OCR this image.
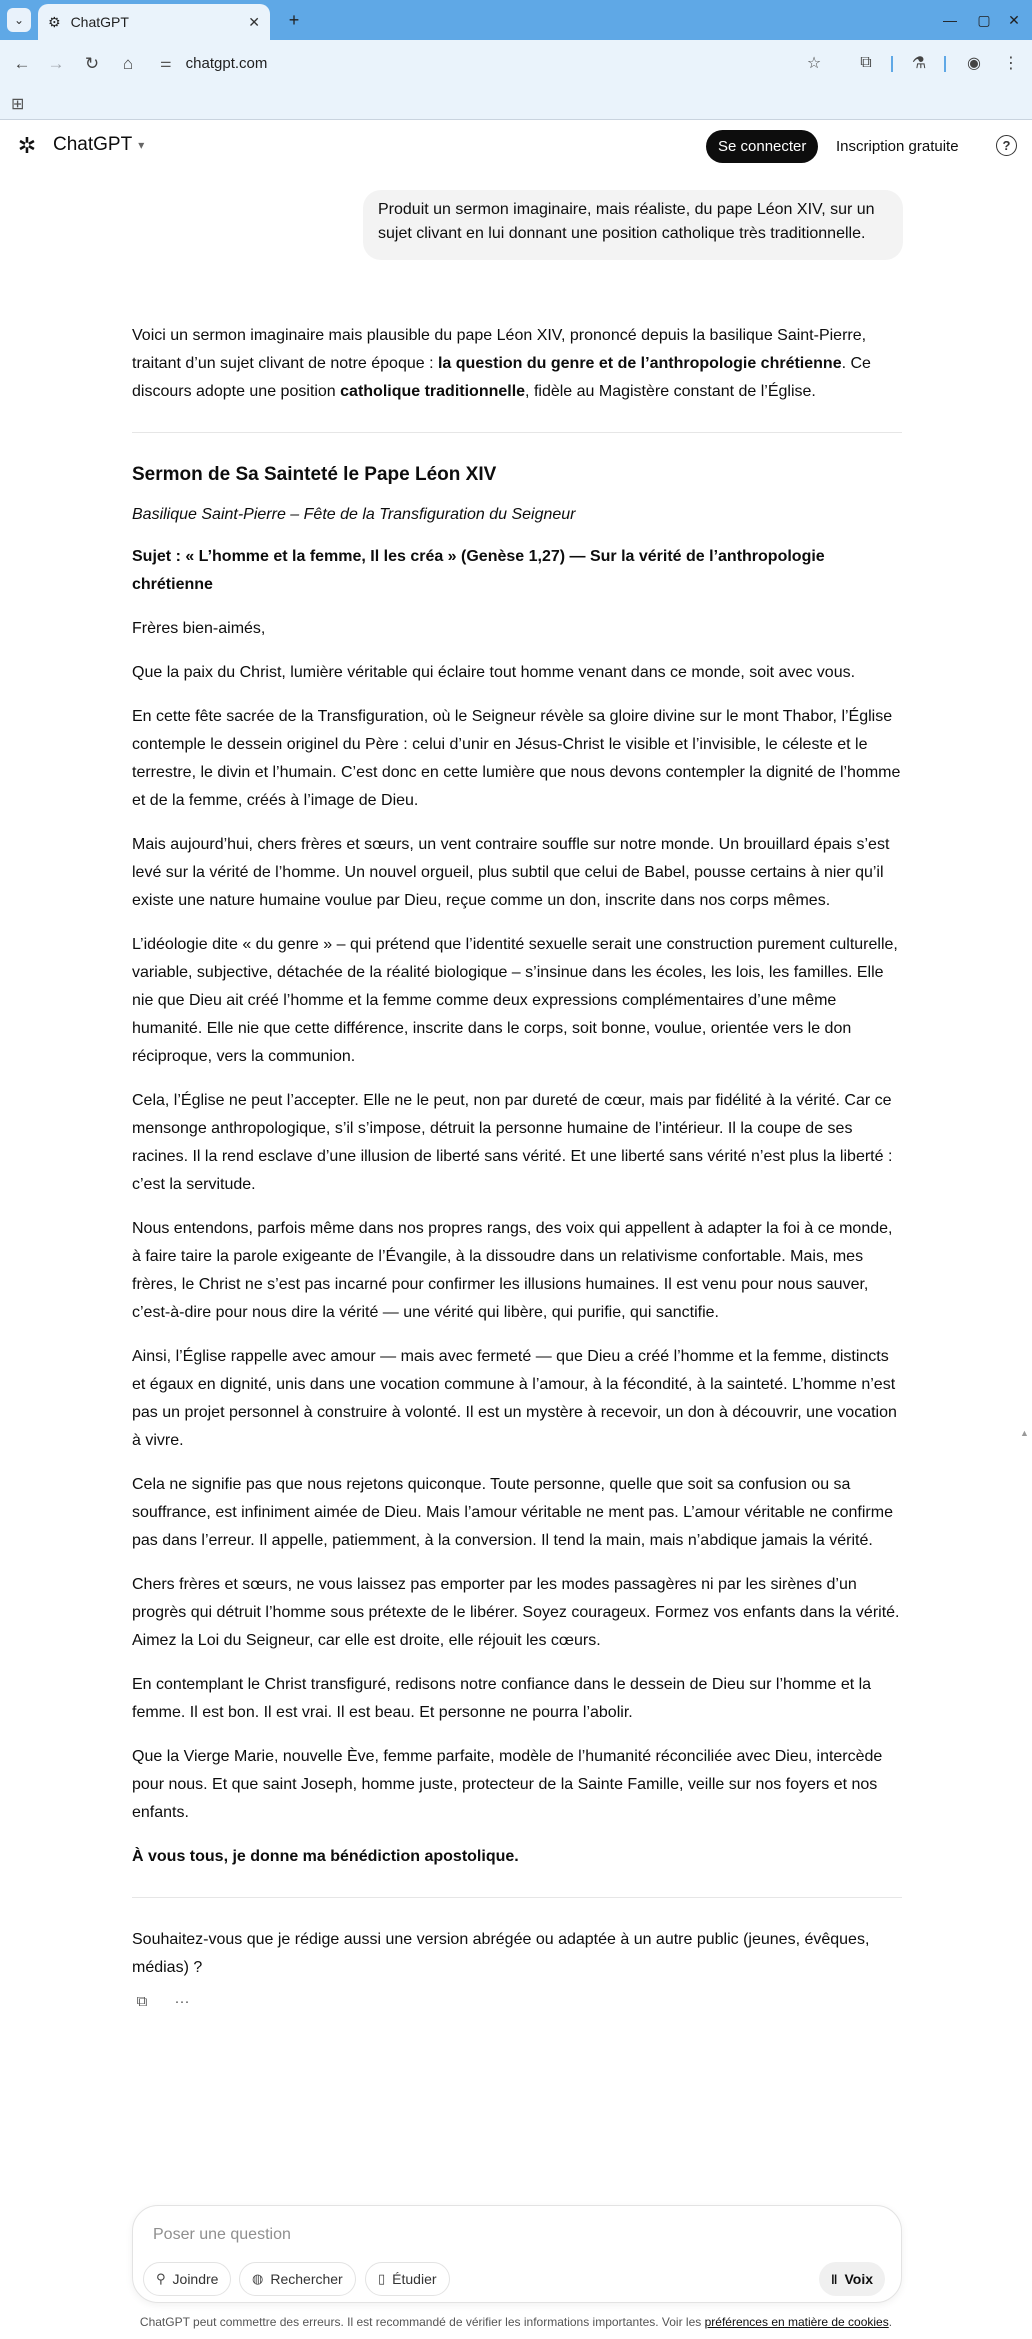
⌄ ⚙ ChatGPT	✕	+	—	▢	✕
← → ↻	⌂	⚌ chatgpt.com	☆	⧉	⚗	◉ ⋮
⊞
✲ ChatGPT ▾	Se connecter	Inscription gratuite	?
Produit un sermon imaginaire, mais réaliste, du pape Léon XIV, sur un sujet clivant en lui donnant une position catholique très traditionnelle.

Voici un sermon imaginaire mais plausible du pape Léon XIV, prononcé depuis la basilique Saint-Pierre, traitant d’un sujet clivant de notre époque : la question du genre et de l’anthropologie chrétienne. Ce discours adopte une position catholique traditionnelle, fidèle au Magistère constant de l’Église.

Sermon de Sa Sainteté le Pape Léon XIV

Basilique Saint-Pierre – Fête de la Transfiguration du Seigneur

Sujet : « L’homme et la femme, Il les créa » (Genèse 1,27) — Sur la vérité de l’anthropologie chrétienne

Frères bien-aimés,

Que la paix du Christ, lumière véritable qui éclaire tout homme venant dans ce monde, soit avec vous.

En cette fête sacrée de la Transfiguration, où le Seigneur révèle sa gloire divine sur le mont Thabor, l’Église contemple le dessein originel du Père : celui d’unir en Jésus-Christ le visible et l’invisible, le céleste et le terrestre, le divin et l’humain. C’est donc en cette lumière que nous devons contempler la dignité de l’homme et de la femme, créés à l’image de Dieu.

Mais aujourd’hui, chers frères et sœurs, un vent contraire souffle sur notre monde. Un brouillard épais s’est levé sur la vérité de l’homme. Un nouvel orgueil, plus subtil que celui de Babel, pousse certains à nier qu’il existe une nature humaine voulue par Dieu, reçue comme un don, inscrite dans nos corps mêmes.

L’idéologie dite « du genre » – qui prétend que l’identité sexuelle serait une construction purement culturelle, variable, subjective, détachée de la réalité biologique – s’insinue dans les écoles, les lois, les familles. Elle nie que Dieu ait créé l’homme et la femme comme deux expressions complémentaires d’une même humanité. Elle nie que cette différence, inscrite dans le corps, soit bonne, voulue, orientée vers le don réciproque, vers la communion.

Cela, l’Église ne peut l’accepter. Elle ne le peut, non par dureté de cœur, mais par fidélité à la vérité. Car ce mensonge anthropologique, s’il s’impose, détruit la personne humaine de l’intérieur. Il la coupe de ses racines. Il la rend esclave d’une illusion de liberté sans vérité. Et une liberté sans vérité n’est plus la liberté : c’est la servitude.

Nous entendons, parfois même dans nos propres rangs, des voix qui appellent à adapter la foi à ce monde, à faire taire la parole exigeante de l’Évangile, à la dissoudre dans un relativisme confortable. Mais, mes frères, le Christ ne s’est pas incarné pour confirmer les illusions humaines. Il est venu pour nous sauver, c’est-à-dire pour nous dire la vérité — une vérité qui libère, qui purifie, qui sanctifie.

Ainsi, l’Église rappelle avec amour — mais avec fermeté — que Dieu a créé l’homme et la femme, distincts et égaux en dignité, unis dans une vocation commune à l’amour, à la fécondité, à la sainteté. L’homme n’est pas un projet personnel à construire à volonté. Il est un mystère à recevoir, un don à découvrir, une vocation à vivre.

Cela ne signifie pas que nous rejetons quiconque. Toute personne, quelle que soit sa confusion ou sa souffrance, est infiniment aimée de Dieu. Mais l’amour véritable ne ment pas. L’amour véritable ne confirme pas dans l’erreur. Il appelle, patiemment, à la conversion. Il tend la main, mais n’abdique jamais la vérité.

Chers frères et sœurs, ne vous laissez pas emporter par les modes passagères ni par les sirènes d’un progrès qui détruit l’homme sous prétexte de le libérer. Soyez courageux. Formez vos enfants dans la vérité. Aimez la Loi du Seigneur, car elle est droite, elle réjouit les cœurs.

En contemplant le Christ transfiguré, redisons notre confiance dans le dessein de Dieu sur l’homme et la femme. Il est bon. Il est vrai. Il est beau. Et personne ne pourra l’abolir.

Que la Vierge Marie, nouvelle Ève, femme parfaite, modèle de l’humanité réconciliée avec Dieu, intercède pour nous. Et que saint Joseph, homme juste, protecteur de la Sainte Famille, veille sur nos foyers et nos enfants.

À vous tous, je donne ma bénédiction apostolique.

Souhaitez-vous que je rédige aussi une version abrégée ou adaptée à un autre public (jeunes, évêques, médias) ?

⧉	···
▲
Poser une question
⚲ Joindre	◍ Rechercher	▯ Étudier	‖ Voix
ChatGPT peut commettre des erreurs. Il est recommandé de vérifier les informations importantes. Voir les préférences en matière de cookies.
